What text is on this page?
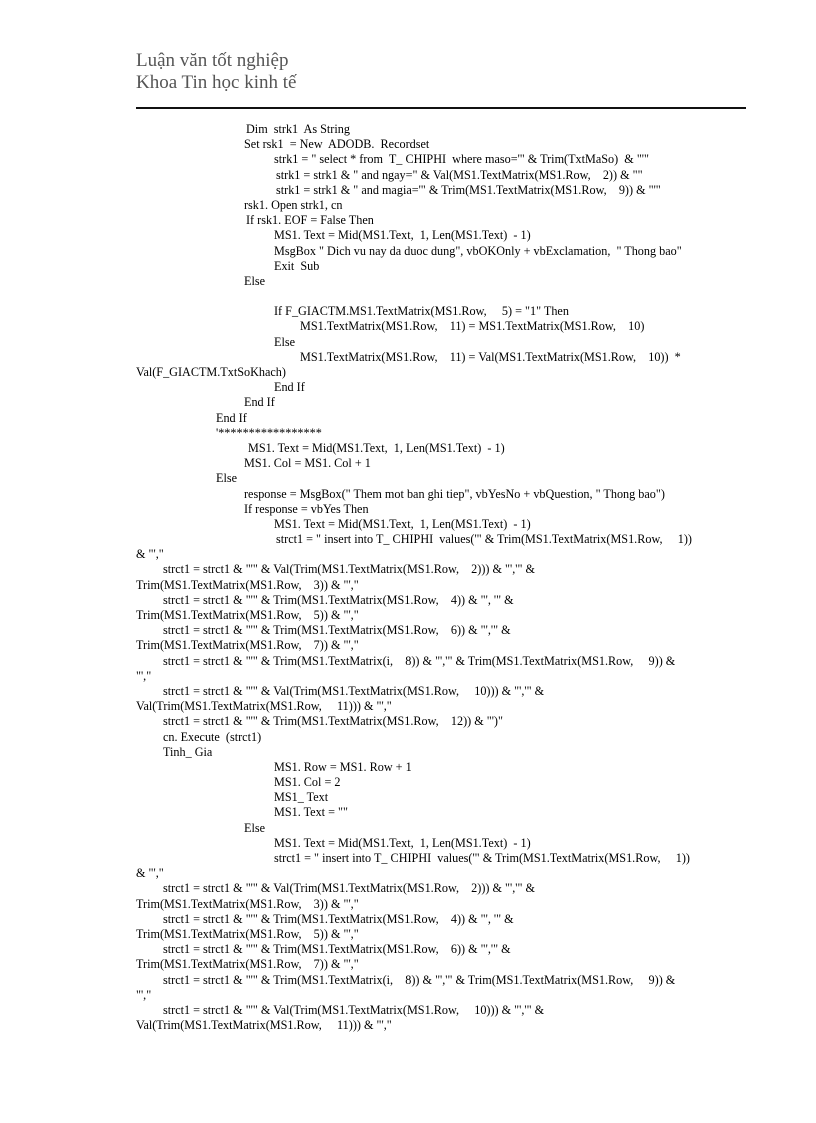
Luận văn tốt nghiệp
Khoa Tin học kinh tế
Dim  strk1  As String
Set rsk1  = New  ADODB.  Recordset
strk1 = " select * from  T_ CHIPHI  where maso='" & Trim(TxtMaSo)  & "'"
strk1 = strk1 & " and ngay=" & Val(MS1.TextMatrix(MS1.Row,    2)) & ""
strk1 = strk1 & " and magia='" & Trim(MS1.TextMatrix(MS1.Row,    9)) & "'"
rsk1. Open strk1, cn
If rsk1. EOF = False Then
MS1. Text = Mid(MS1.Text,  1, Len(MS1.Text)  - 1)
MsgBox " Dich vu nay da duoc dung", vbOKOnly + vbExclamation,  " Thong bao"
Exit  Sub
Else
If F_GIACTM.MS1.TextMatrix(MS1.Row,     5) = "1" Then
MS1.TextMatrix(MS1.Row,    11) = MS1.TextMatrix(MS1.Row,    10)
Else
MS1.TextMatrix(MS1.Row,    11) = Val(MS1.TextMatrix(MS1.Row,    10))  *
Val(F_GIACTM.TxtSoKhach)
End If
End If
End If
'*****************
MS1. Text = Mid(MS1.Text,  1, Len(MS1.Text)  - 1)
MS1. Col = MS1. Col + 1
Else
response = MsgBox(" Them mot ban ghi tiep", vbYesNo + vbQuestion, " Thong bao")
If response = vbYes Then
MS1. Text = Mid(MS1.Text,  1, Len(MS1.Text)  - 1)
strct1 = " insert into T_ CHIPHI  values('" & Trim(MS1.TextMatrix(MS1.Row,     1))
& "',"
strct1 = strct1 & "'" & Val(Trim(MS1.TextMatrix(MS1.Row,    2))) & "','" &
Trim(MS1.TextMatrix(MS1.Row,    3)) & "',"
strct1 = strct1 & "'" & Trim(MS1.TextMatrix(MS1.Row,    4)) & "', '" &
Trim(MS1.TextMatrix(MS1.Row,    5)) & "',"
strct1 = strct1 & "'" & Trim(MS1.TextMatrix(MS1.Row,    6)) & "','" &
Trim(MS1.TextMatrix(MS1.Row,    7)) & "',"
strct1 = strct1 & "'" & Trim(MS1.TextMatrix(i,    8)) & "','" & Trim(MS1.TextMatrix(MS1.Row,     9)) &
"',"
strct1 = strct1 & "'" & Val(Trim(MS1.TextMatrix(MS1.Row,     10))) & "','" &
Val(Trim(MS1.TextMatrix(MS1.Row,     11))) & "',"
strct1 = strct1 & "'" & Trim(MS1.TextMatrix(MS1.Row,    12)) & "')"
cn. Execute  (strct1)
Tinh_ Gia
MS1. Row = MS1. Row + 1
MS1. Col = 2
MS1_ Text
MS1. Text = ""
Else
MS1. Text = Mid(MS1.Text,  1, Len(MS1.Text)  - 1)
strct1 = " insert into T_ CHIPHI  values('" & Trim(MS1.TextMatrix(MS1.Row,     1))
& "',"
strct1 = strct1 & "'" & Val(Trim(MS1.TextMatrix(MS1.Row,    2))) & "','" &
Trim(MS1.TextMatrix(MS1.Row,    3)) & "',"
strct1 = strct1 & "'" & Trim(MS1.TextMatrix(MS1.Row,    4)) & "', '" &
Trim(MS1.TextMatrix(MS1.Row,    5)) & "',"
strct1 = strct1 & "'" & Trim(MS1.TextMatrix(MS1.Row,    6)) & "','" &
Trim(MS1.TextMatrix(MS1.Row,    7)) & "',"
strct1 = strct1 & "'" & Trim(MS1.TextMatrix(i,    8)) & "','" & Trim(MS1.TextMatrix(MS1.Row,     9)) &
"',"
strct1 = strct1 & "'" & Val(Trim(MS1.TextMatrix(MS1.Row,     10))) & "','" &
Val(Trim(MS1.TextMatrix(MS1.Row,     11))) & "',"
